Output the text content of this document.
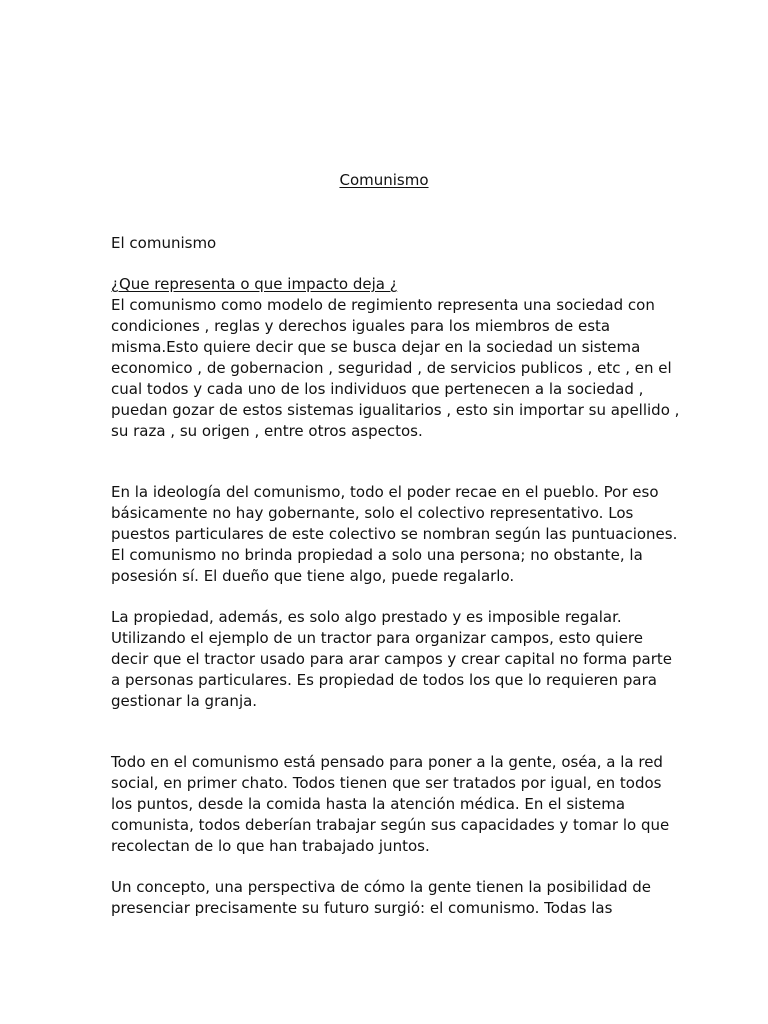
Comunismo

El comunismo

¿Que representa o que impacto deja ¿
El comunismo como modelo de regimiento representa una sociedad con
condiciones , reglas y derechos iguales para los miembros de esta
misma.Esto quiere decir que se busca dejar en la sociedad un sistema
economico , de gobernacion , seguridad , de servicios publicos , etc , en el
cual todos y cada uno de los individuos que pertenecen a la sociedad ,
puedan gozar de estos sistemas igualitarios , esto sin importar su apellido ,
su raza , su origen , entre otros aspectos.
En la ideología del comunismo, todo el poder recae en el pueblo. Por eso
básicamente no hay gobernante, solo el colectivo representativo. Los
puestos particulares de este colectivo se nombran según las puntuaciones.
El comunismo no brinda propiedad a solo una persona; no obstante, la
posesión sí. El dueño que tiene algo, puede regalarlo.
La propiedad, además, es solo algo prestado y es imposible regalar.
Utilizando el ejemplo de un tractor para organizar campos, esto quiere
decir que el tractor usado para arar campos y crear capital no forma parte
a personas particulares. Es propiedad de todos los que lo requieren para
gestionar la granja.
Todo en el comunismo está pensado para poner a la gente, oséa, a la red
social, en primer chato. Todos tienen que ser tratados por igual, en todos
los puntos, desde la comida hasta la atención médica. En el sistema
comunista, todos deberían trabajar según sus capacidades y tomar lo que
recolectan de lo que han trabajado juntos.
Un concepto, una perspectiva de cómo la gente tienen la posibilidad de
presenciar precisamente su futuro surgió: el comunismo. Todas las
